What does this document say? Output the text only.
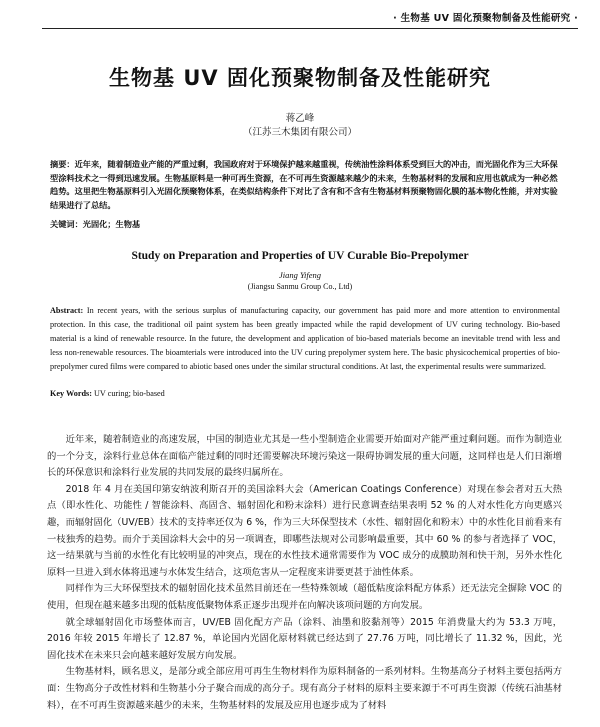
· 生物基 UV 固化预聚物制备及性能研究 ·
生物基 UV 固化预聚物制备及性能研究
蒋乙峰
（江苏三木集团有限公司）
摘要：近年来，随着制造业产能的严重过剩，我国政府对于环境保护越来越重视，传统油性涂料体系受到巨大的冲击，而光固化作为三大环保型涂料技术之一得到迅速发展。生物基原料是一种可再生资源，在不可再生资源越来越少的未来，生物基材料的发展和应用也就成为一种必然趋势。这里把生物基原料引入光固化预聚物体系，在类似结构条件下对比了含有和不含有生物基材料预聚物固化膜的基本物化性能，并对实验结果进行了总结。
关键词：光固化；生物基
Study on Preparation and Properties of UV Curable Bio-Prepolymer
Jiang Yifeng
(Jiangsu Sanmu Group Co., Ltd)
Abstract: In recent years, with the serious surplus of manufacturing capacity, our government has paid more and more attention to environmental protection. In this case, the traditional oil paint system has been greatly impacted while the rapid development of UV curing technology. Bio-based material is a kind of renewable resource. In the future, the development and application of bio-based materials become an inevitable trend with less and less non-renewable resources. The bioamterials were introduced into the UV curing prepolymer system here. The basic physicochemical properties of bio-prepolymer cured films were compared to abiotic based ones under the similar structural conditions. At last, the experimental results were summarized.
Key Words: UV curing; bio-based

近年来，随着制造业的高速发展，中国的制造业尤其是一些小型制造企业需要开始面对产能严重过剩问题。而作为制造业的一个分支，涂料行业总体在面临产能过剩的同时还需要解决环境污染这一限碍协调发展的重大问题，这同样也是人们日渐增长的环保意识和涂料行业发展的共同发展的最终归属所在。

2018 年 4 月在美国印第安纳波利斯召开的美国涂料大会（American Coatings Conference）对现在参会者对五大热点（即水性化、功能性 / 智能涂料、高固含、辐射固化和粉末涂料）进行民意调查结果表明 52 % 的人对水性化方向更感兴趣，而辐射固化（UV/EB）技术的支持率还仅为 6 %，作为三大环保型技术（水性、辐射固化和粉末）中的水性化目前看来有一枝独秀的趋势。而介于美国涂料大会中的另一项调查，即哪些法规对公司影响最重要，其中 60 % 的参与者选择了 VOC，这一结果就与当前的水性化有比较明显的冲突点，现在的水性技术通常需要作为 VOC 成分的成膜助剂和快干剂，另外水性化原料一旦进入到水体将迅速与水体发生结合，这项危害从一定程度来讲要更甚于油性体系。

同样作为三大环保型技术的辐射固化技术虽然目前还在一些特殊领域（超低粘度涂料配方体系）还无法完全摒除 VOC 的使用，但现在越来越多出现的低粘度低聚物体系正逐步出现并在向解决该项问题的方向发展。

就全球辐射固化市场整体而言，UV/EB 固化配方产品（涂料、油墨和胶黏剂等）2015 年消费量大约为 53.3 万吨，2016 年较 2015 年增长了 12.87 %，单论国内光固化原材料就已经达到了 27.76 万吨，同比增长了 11.32 %，因此，光固化技术在未来只会向越来越好发展方向发展。

生物基材料，顾名思义，是部分或全部应用可再生生物材料作为原料制备的一系列材料。生物基高分子材料主要包括两方面：生物高分子改性材料和生物基小分子聚合而成的高分子。现有高分子材料的原料主要来源于不可再生资源（传统石油基材料），在不可再生资源越来越少的未来，生物基材料的发展及应用也逐步成为了材料
